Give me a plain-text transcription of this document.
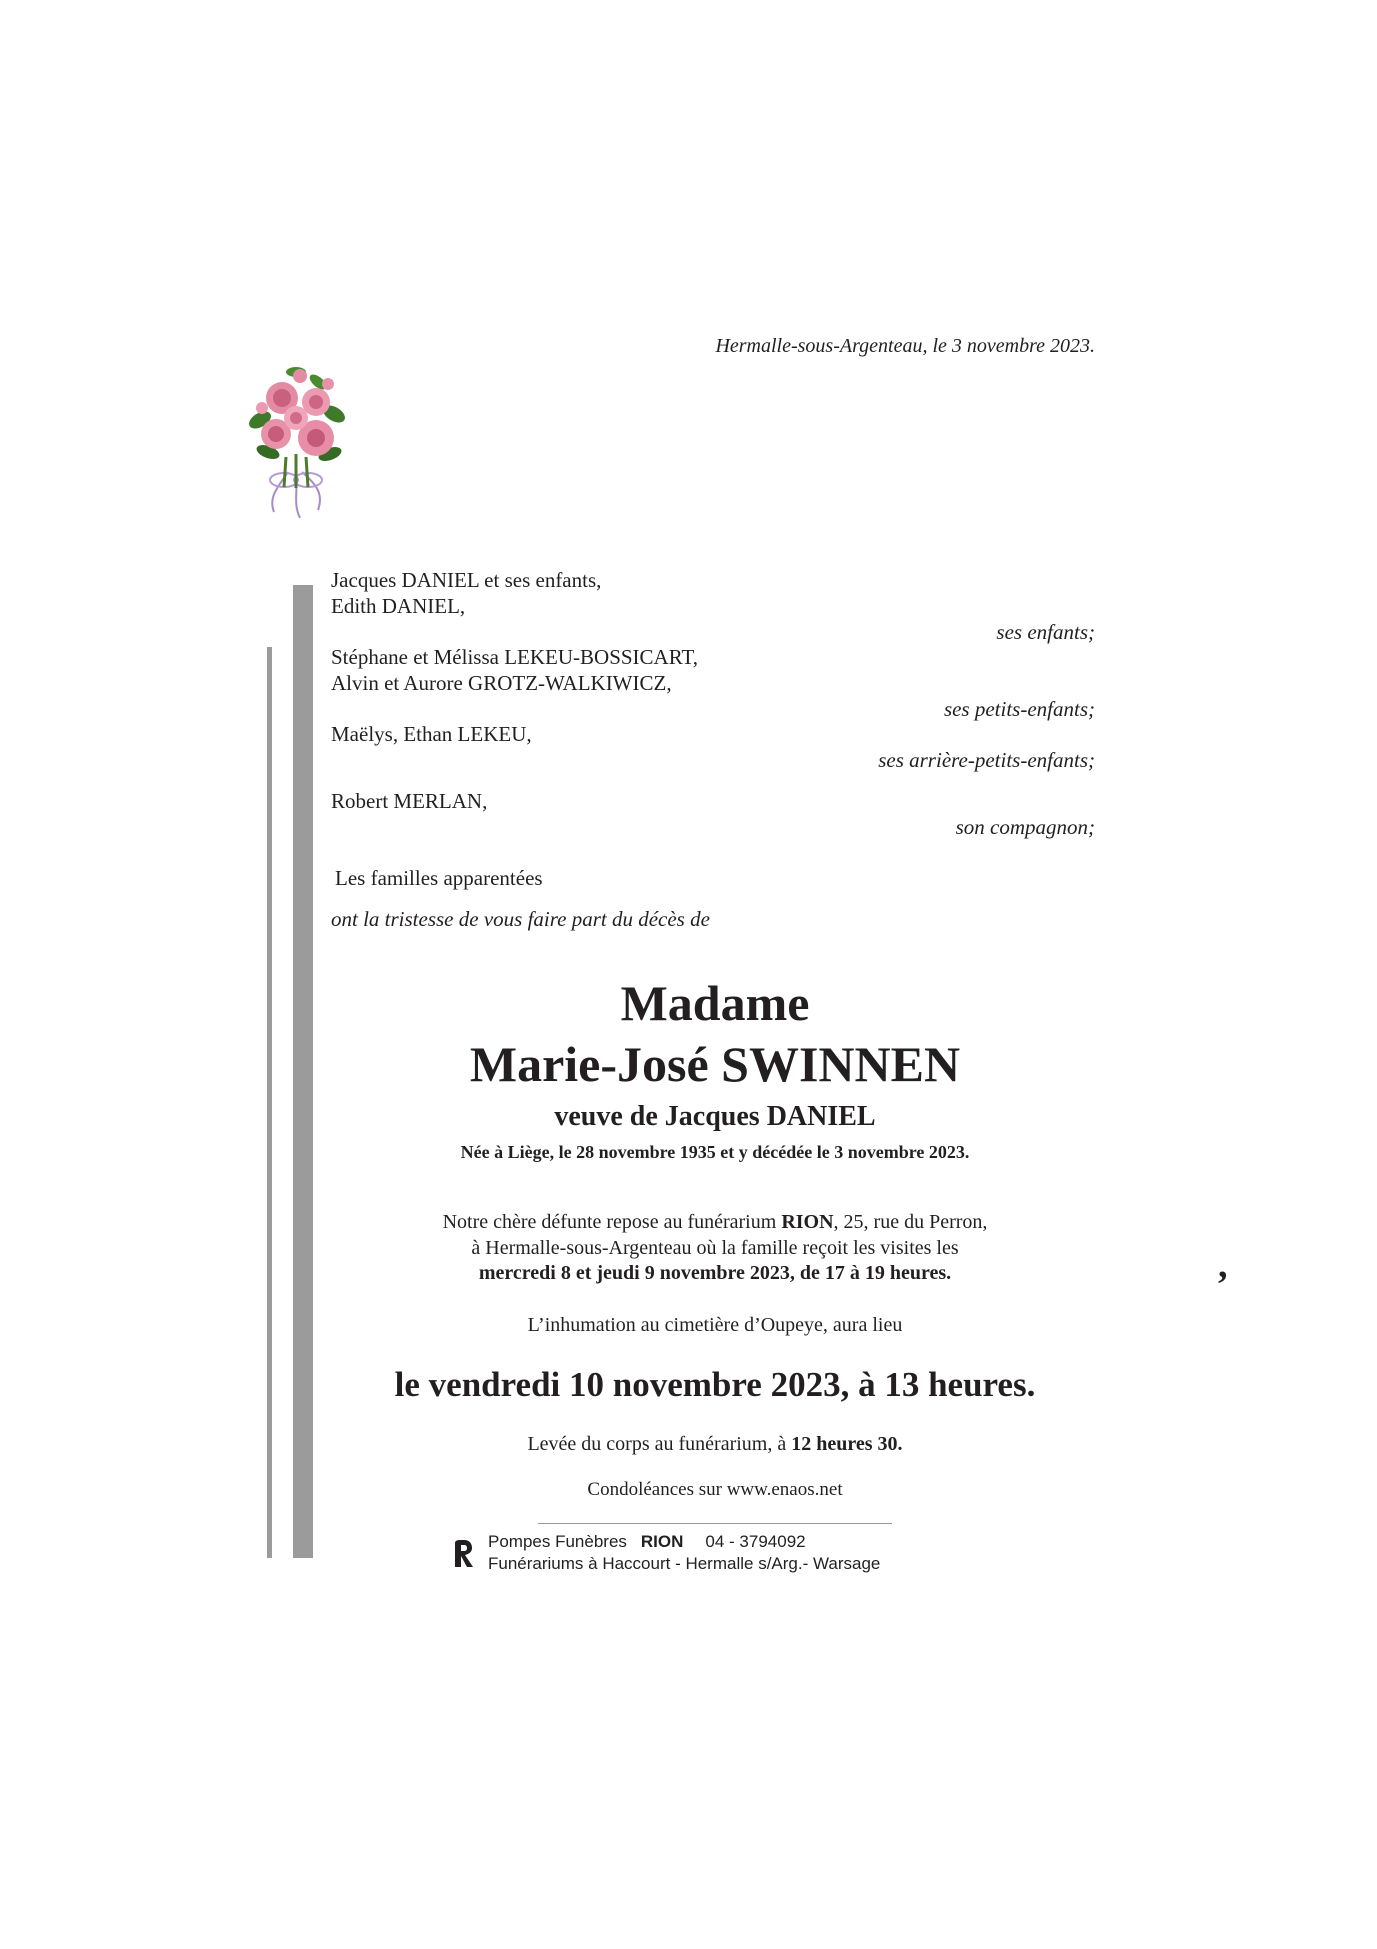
Hermalle-sous-Argenteau, le 3 novembre 2023.
Jacques DANIEL et ses enfants,
Edith DANIEL,
ses enfants;
Stéphane et Mélissa LEKEU-BOSSICART,
Alvin et Aurore GROTZ-WALKIWICZ,
ses petits-enfants;
Maëlys, Ethan LEKEU,
ses arrière-petits-enfants;
Robert MERLAN,
son compagnon;
Les familles apparentées
ont la tristesse de vous faire part du décès de
Madame
Marie-José SWINNEN
veuve de Jacques DANIEL
Née à Liège, le 28 novembre 1935 et y décédée le 3 novembre 2023.
Notre chère défunte repose au funérarium RION, 25, rue du Perron,
à Hermalle-sous-Argenteau où la famille reçoit les visites les
mercredi 8 et jeudi 9 novembre 2023, de 17 à 19 heures.	,
L’inhumation au cimetière d’Oupeye, aura lieu
le vendredi 10 novembre 2023, à 13 heures.
Levée du corps au funérarium, à 12 heures 30.
Condoléances sur www.enaos.net
Pompes Funèbres RION 04 - 3794092
Funérariums à Haccourt - Hermalle s/Arg.- Warsage
